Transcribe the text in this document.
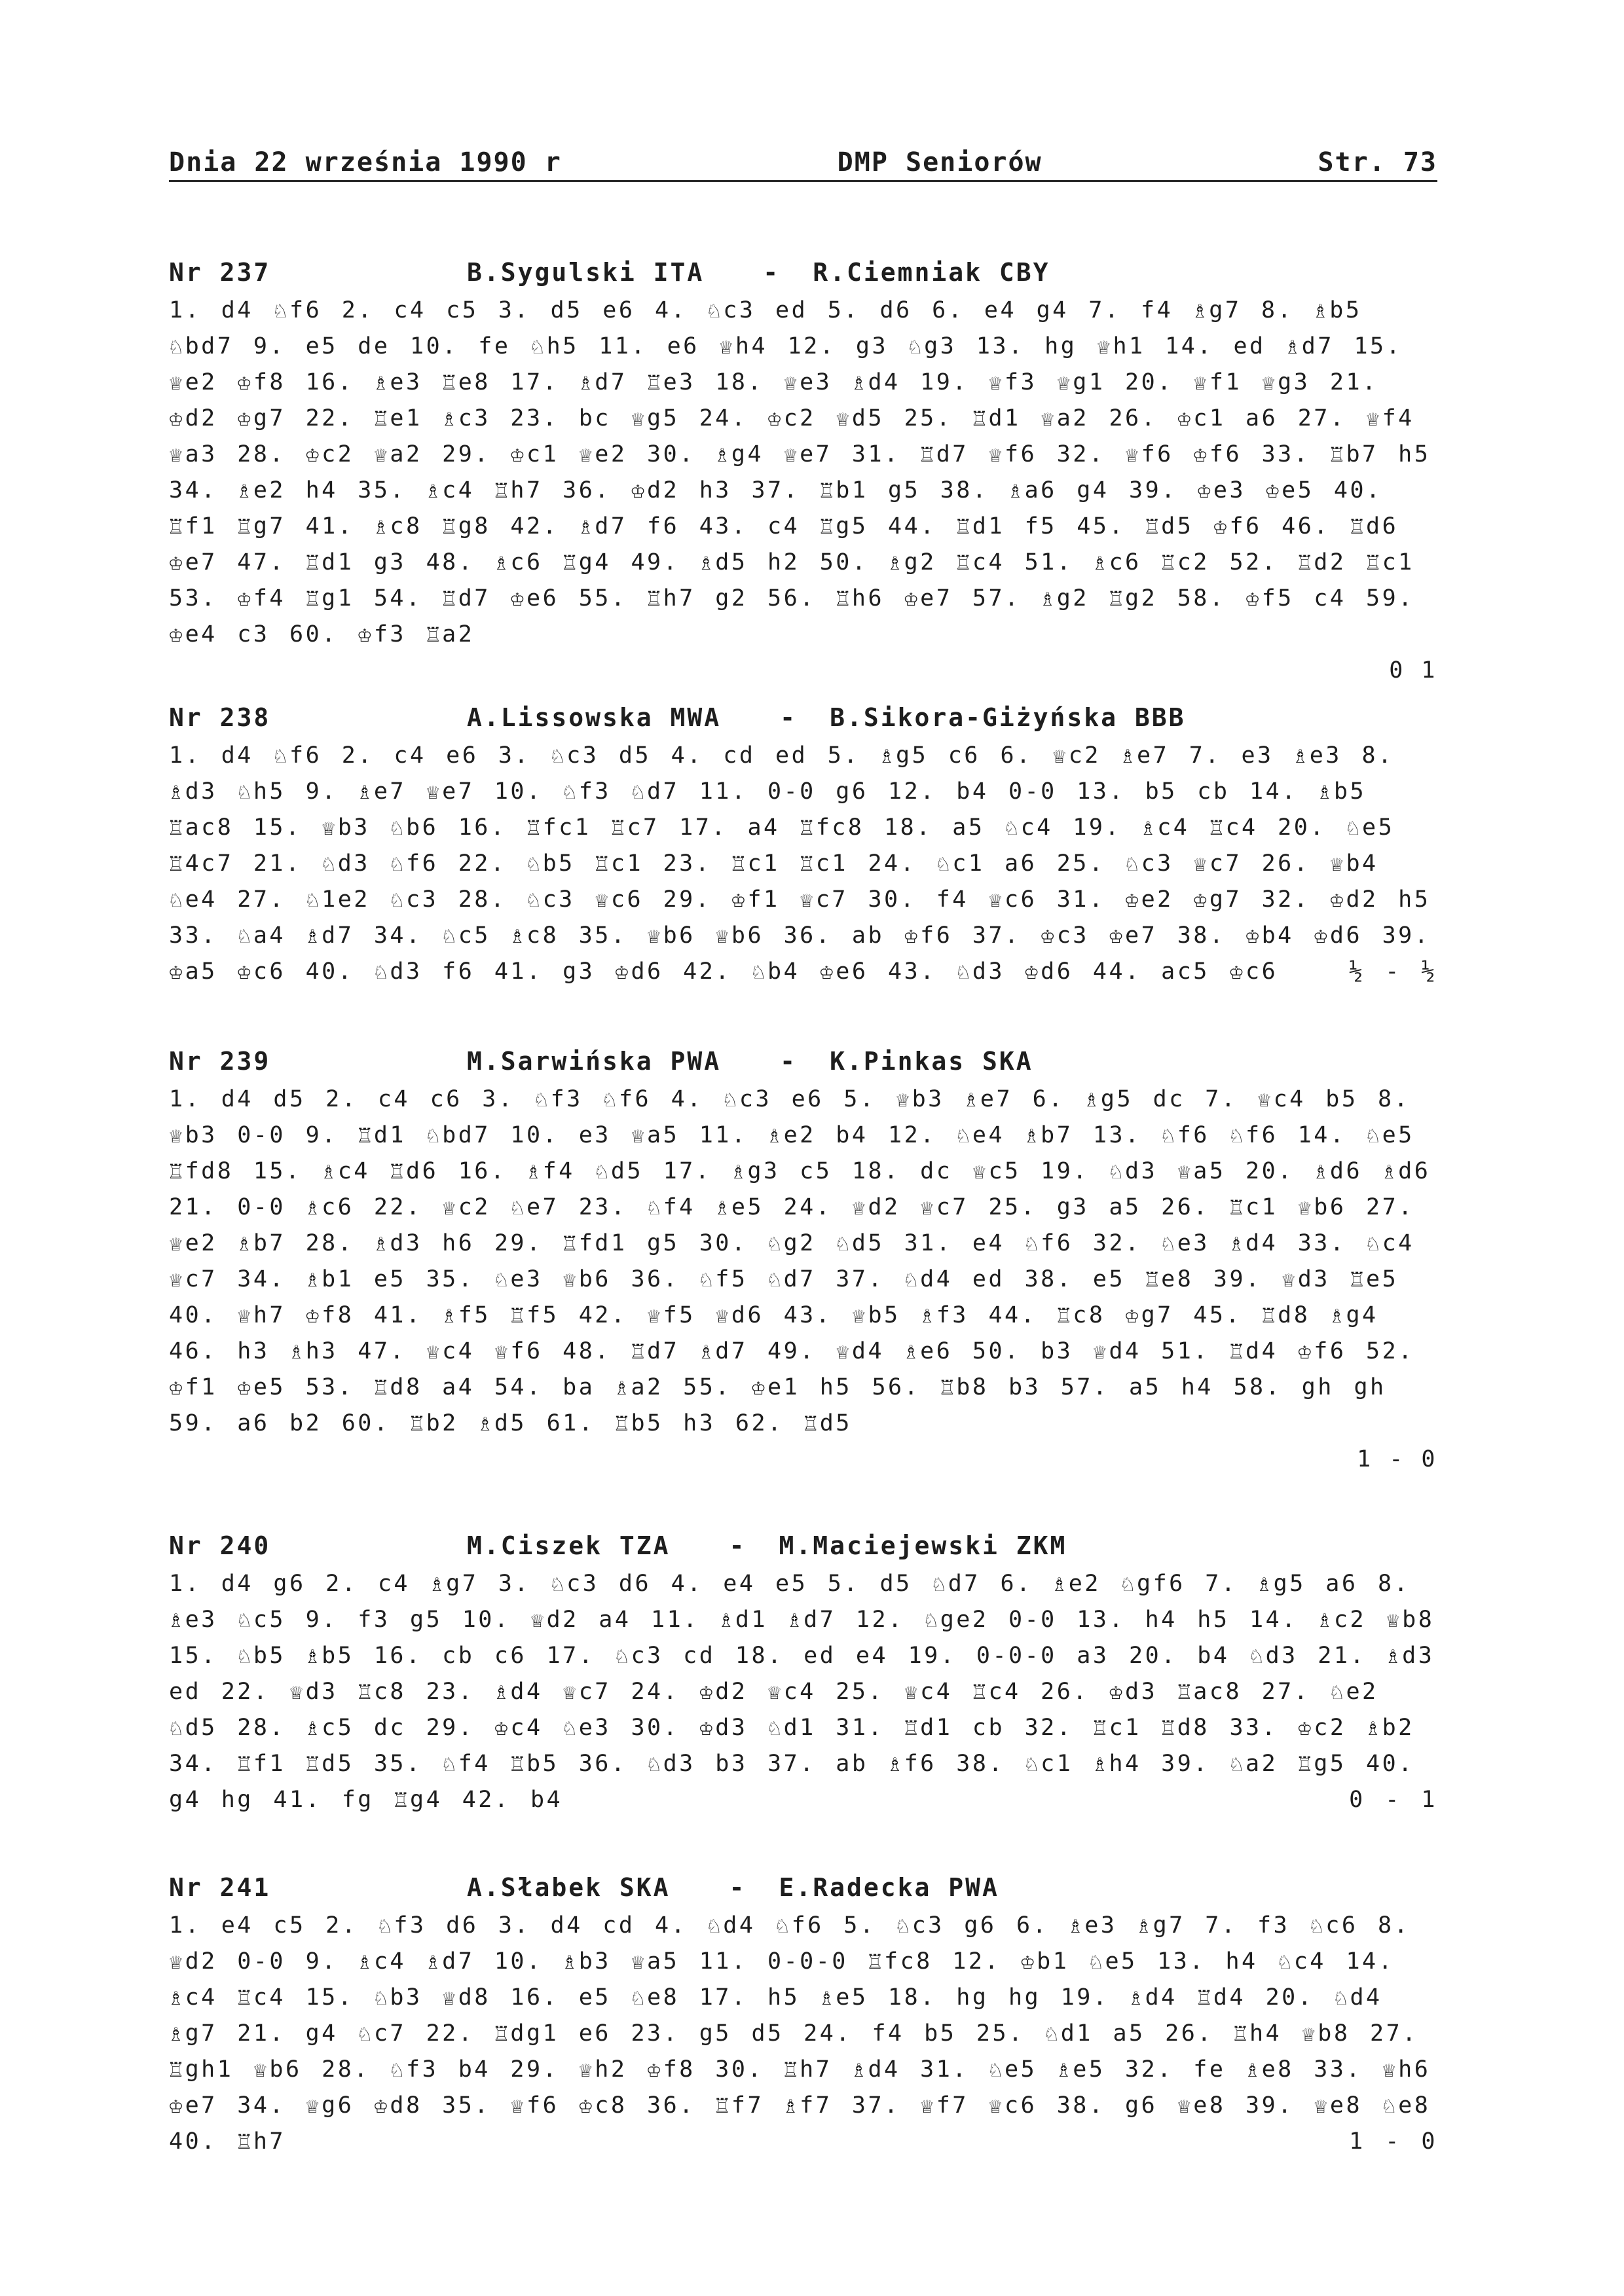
Dnia 22 września 1990 r	DMP Seniorów	Str. 73
Nr 237	B.Sygulski ITA - R.Ciemniak CBY
1. d4 ♘f6 2. c4 c5 3. d5 e6 4. ♘c3 ed 5. d6 6. e4 g4 7. f4 ♗g7 8. ♗b5 ♘bd7 9. e5 de 10. fe ♘h5 11. e6 ♕h4 12. g3 ♘g3 13. hg ♕h1 14. ed ♗d7 15. ♕e2 ♔f8 16. ♗e3 ♖e8 17. ♗d7 ♖e3 18. ♕e3 ♗d4 19. ♕f3 ♕g1 20. ♕f1 ♕g3 21. ♔d2 ♔g7 22. ♖e1 ♗c3 23. bc ♕g5 24. ♔c2 ♕d5 25. ♖d1 ♕a2 26. ♔c1 a6 27. ♕f4 ♕a3 28. ♔c2 ♕a2 29. ♔c1 ♕e2 30. ♗g4 ♕e7 31. ♖d7 ♕f6 32. ♕f6 ♔f6 33. ♖b7 h5 34. ♗e2 h4 35. ♗c4 ♖h7 36. ♔d2 h3 37. ♖b1 g5 38. ♗a6 g4 39. ♔e3 ♔e5 40. ♖f1 ♖g7 41. ♗c8 ♖g8 42. ♗d7 f6 43. c4 ♖g5 44. ♖d1 f5 45. ♖d5 ♔f6 46. ♖d6 ♔e7 47. ♖d1 g3 48. ♗c6 ♖g4 49. ♗d5 h2 50. ♗g2 ♖c4 51. ♗c6 ♖c2 52. ♖d2 ♖c1 53. ♔f4 ♖g1 54. ♖d7 ♔e6 55. ♖h7 g2 56. ♖h6 ♔e7 57. ♗g2 ♖g2 58. ♔f5 c4 59. ♔e4 c3 60. ♔f3 ♖a2
0 1
Nr 238	A.Lissowska MWA - B.Sikora-Giżyńska BBB
1. d4 ♘f6 2. c4 e6 3. ♘c3 d5 4. cd ed 5. ♗g5 c6 6. ♕c2 ♗e7 7. e3 ♗e3 8. ♗d3 ♘h5 9. ♗e7 ♕e7 10. ♘f3 ♘d7 11. 0-0 g6 12. b4 0-0 13. b5 cb 14. ♗b5 ♖ac8 15. ♕b3 ♘b6 16. ♖fc1 ♖c7 17. a4 ♖fc8 18. a5 ♘c4 19. ♗c4 ♖c4 20. ♘e5 ♖4c7 21. ♘d3 ♘f6 22. ♘b5 ♖c1 23. ♖c1 ♖c1 24. ♘c1 a6 25. ♘c3 ♕c7 26. ♕b4 ♘e4 27. ♘1e2 ♘c3 28. ♘c3 ♕c6 29. ♔f1 ♕c7 30. f4 ♕c6 31. ♔e2 ♔g7 32. ♔d2 h5 33. ♘a4 ♗d7 34. ♘c5 ♗c8 35. ♕b6 ♕b6 36. ab ♔f6 37. ♔c3 ♔e7 38. ♔b4 ♔d6 39. ♔a5 ♔c6 40. ♘d3 f6 41. g3 ♔d6 42. ♘b4 ♔e6 43. ♘d3 ♔d6 44. ac5 ♔c6	½ - ½
Nr 239	M.Sarwińska PWA - K.Pinkas SKA
1. d4 d5 2. c4 c6 3. ♘f3 ♘f6 4. ♘c3 e6 5. ♕b3 ♗e7 6. ♗g5 dc 7. ♕c4 b5 8. ♕b3 0-0 9. ♖d1 ♘bd7 10. e3 ♕a5 11. ♗e2 b4 12. ♘e4 ♗b7 13. ♘f6 ♘f6 14. ♘e5 ♖fd8 15. ♗c4 ♖d6 16. ♗f4 ♘d5 17. ♗g3 c5 18. dc ♕c5 19. ♘d3 ♕a5 20. ♗d6 ♗d6 21. 0-0 ♗c6 22. ♕c2 ♘e7 23. ♘f4 ♗e5 24. ♕d2 ♕c7 25. g3 a5 26. ♖c1 ♕b6 27. ♕e2 ♗b7 28. ♗d3 h6 29. ♖fd1 g5 30. ♘g2 ♘d5 31. e4 ♘f6 32. ♘e3 ♗d4 33. ♘c4 ♕c7 34. ♗b1 e5 35. ♘e3 ♕b6 36. ♘f5 ♘d7 37. ♘d4 ed 38. e5 ♖e8 39. ♕d3 ♖e5 40. ♕h7 ♔f8 41. ♗f5 ♖f5 42. ♕f5 ♕d6 43. ♕b5 ♗f3 44. ♖c8 ♔g7 45. ♖d8 ♗g4 46. h3 ♗h3 47. ♕c4 ♕f6 48. ♖d7 ♗d7 49. ♕d4 ♗e6 50. b3 ♕d4 51. ♖d4 ♔f6 52. ♔f1 ♔e5 53. ♖d8 a4 54. ba ♗a2 55. ♔e1 h5 56. ♖b8 b3 57. a5 h4 58. gh gh 59. a6 b2 60. ♖b2 ♗d5 61. ♖b5 h3 62. ♖d5
1 - 0
Nr 240	M.Ciszek TZA - M.Maciejewski ZKM
1. d4 g6 2. c4 ♗g7 3. ♘c3 d6 4. e4 e5 5. d5 ♘d7 6. ♗e2 ♘gf6 7. ♗g5 a6 8. ♗e3 ♘c5 9. f3 g5 10. ♕d2 a4 11. ♗d1 ♗d7 12. ♘ge2 0-0 13. h4 h5 14. ♗c2 ♕b8 15. ♘b5 ♗b5 16. cb c6 17. ♘c3 cd 18. ed e4 19. 0-0-0 a3 20. b4 ♘d3 21. ♗d3 ed 22. ♕d3 ♖c8 23. ♗d4 ♕c7 24. ♔d2 ♕c4 25. ♕c4 ♖c4 26. ♔d3 ♖ac8 27. ♘e2 ♘d5 28. ♗c5 dc 29. ♔c4 ♘e3 30. ♔d3 ♘d1 31. ♖d1 cb 32. ♖c1 ♖d8 33. ♔c2 ♗b2 34. ♖f1 ♖d5 35. ♘f4 ♖b5 36. ♘d3 b3 37. ab ♗f6 38. ♘c1 ♗h4 39. ♘a2 ♖g5 40. g4 hg 41. fg ♖g4 42. b4	0 - 1
Nr 241	A.Słabek SKA - E.Radecka PWA
1. e4 c5 2. ♘f3 d6 3. d4 cd 4. ♘d4 ♘f6 5. ♘c3 g6 6. ♗e3 ♗g7 7. f3 ♘c6 8. ♕d2 0-0 9. ♗c4 ♗d7 10. ♗b3 ♕a5 11. 0-0-0 ♖fc8 12. ♔b1 ♘e5 13. h4 ♘c4 14. ♗c4 ♖c4 15. ♘b3 ♕d8 16. e5 ♘e8 17. h5 ♗e5 18. hg hg 19. ♗d4 ♖d4 20. ♘d4 ♗g7 21. g4 ♘c7 22. ♖dg1 e6 23. g5 d5 24. f4 b5 25. ♘d1 a5 26. ♖h4 ♕b8 27. ♖gh1 ♕b6 28. ♘f3 b4 29. ♕h2 ♔f8 30. ♖h7 ♗d4 31. ♘e5 ♗e5 32. fe ♗e8 33. ♕h6 ♔e7 34. ♕g6 ♔d8 35. ♕f6 ♔c8 36. ♖f7 ♗f7 37. ♕f7 ♕c6 38. g6 ♕e8 39. ♕e8 ♘e8 40. ♖h7	1 - 0
